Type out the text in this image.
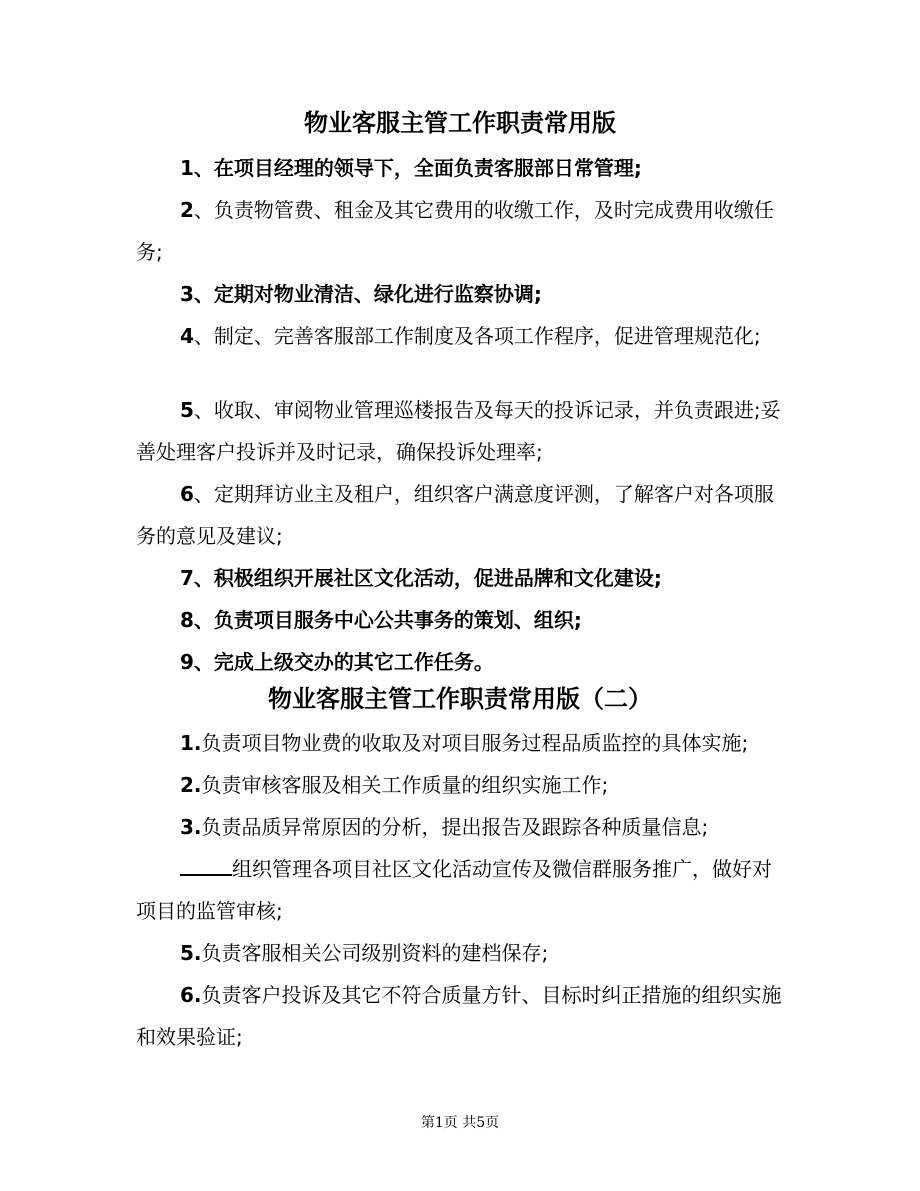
物业客服主管工作职责常用版
1、在项目经理的领导下，全面负责客服部日常管理;
2、负责物管费、租金及其它费用的收缴工作，及时完成费用收缴任务;
3、定期对物业清洁、绿化进行监察协调;
4、制定、完善客服部工作制度及各项工作程序，促进管理规范化;
5、收取、审阅物业管理巡楼报告及每天的投诉记录，并负责跟进;妥善处理客户投诉并及时记录，确保投诉处理率;
6、定期拜访业主及租户，组织客户满意度评测，了解客户对各项服务的意见及建议;
7、积极组织开展社区文化活动，促进品牌和文化建设;
8、负责项目服务中心公共事务的策划、组织;
9、完成上级交办的其它工作任务。
物业客服主管工作职责常用版（二）
1.负责项目物业费的收取及对项目服务过程品质监控的具体实施;
2.负责审核客服及相关工作质量的组织实施工作;
3.负责品质异常原因的分析，提出报告及跟踪各种质量信息;
组织管理各项目社区文化活动宣传及微信群服务推广，做好对项目的监管审核;
5.负责客服相关公司级别资料的建档保存;
6.负责客户投诉及其它不符合质量方针、目标时纠正措施的组织实施和效果验证;
第1页 共5页
